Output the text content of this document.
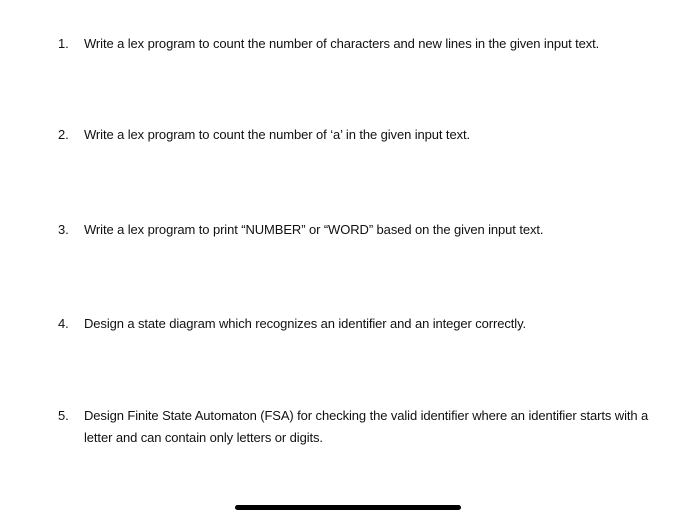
1.	Write a lex program to count the number of characters and new lines in the given input text.
2.	Write a lex program to count the number of ‘a’ in the given input text.
3.	Write a lex program to print “NUMBER” or “WORD” based on the given input text.
4.	Design a state diagram which recognizes an identifier and an integer correctly.
5.	Design Finite State Automaton (FSA) for checking the valid identifier where an identifier starts with a letter and can contain only letters or digits.
